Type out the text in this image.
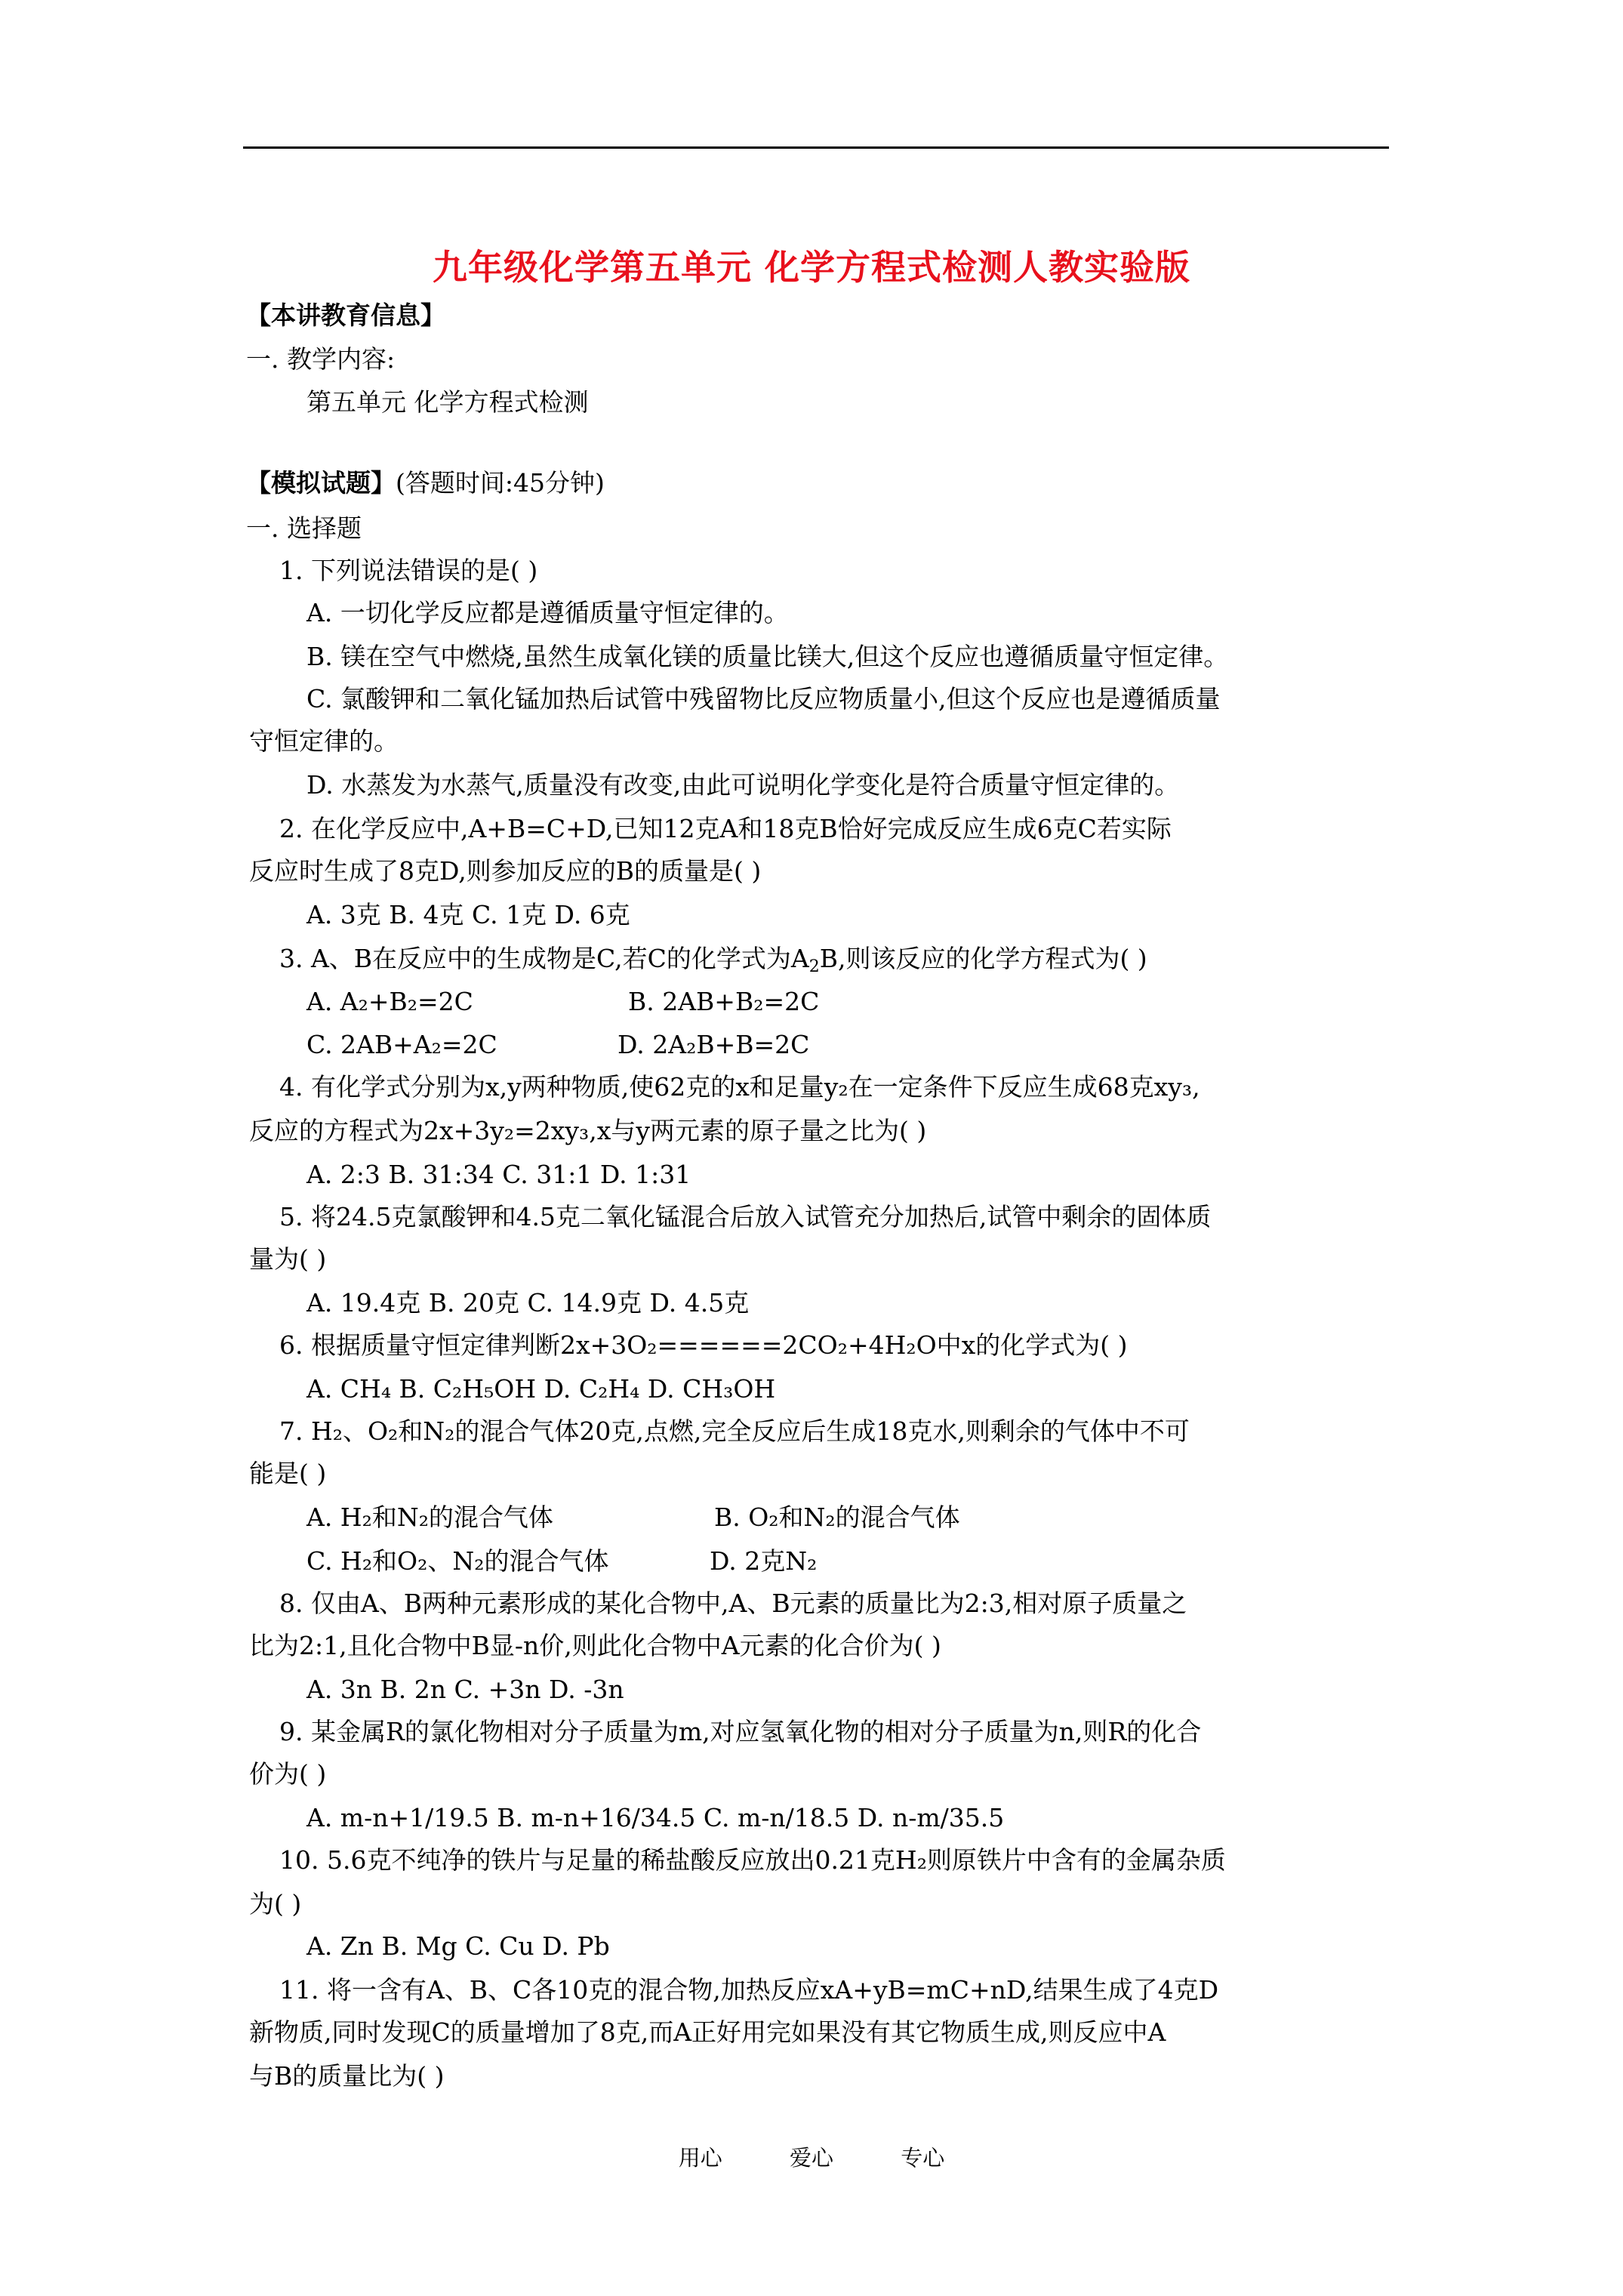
九年级化学第五单元 化学方程式检测人教实验版
【本讲教育信息】
一. 教学内容:
第五单元 化学方程式检测
【模拟试题】(答题时间:45分钟)
一. 选择题
1. 下列说法错误的是( )
A. 一切化学反应都是遵循质量守恒定律的。
B. 镁在空气中燃烧,虽然生成氧化镁的质量比镁大,但这个反应也遵循质量守恒定律。
C. 氯酸钾和二氧化锰加热后试管中残留物比反应物质量小,但这个反应也是遵循质量
守恒定律的。
D. 水蒸发为水蒸气,质量没有改变,由此可说明化学变化是符合质量守恒定律的。
2. 在化学反应中,A+B=C+D,已知12克A和18克B恰好完成反应生成6克C若实际
反应时生成了8克D,则参加反应的B的质量是( )
A. 3克 B. 4克 C. 1克 D. 6克
3. A、B在反应中的生成物是C,若C的化学式为$A_2B$,则该反应的化学方程式为( )
A. A₂+B₂=2C	B. 2AB+B₂=2C
C. 2AB+A₂=2C	D. 2A₂B+B=2C
4. 有化学式分别为x,y两种物质,使62克的x和足量y₂在一定条件下反应生成68克xy₃,
反应的方程式为2x+3y₂=2xy₃,x与y两元素的原子量之比为( )
A. 2:3 B. 31:34 C. 31:1 D. 1:31
5. 将24.5克氯酸钾和4.5克二氧化锰混合后放入试管充分加热后,试管中剩余的固体质
量为( )
A. 19.4克 B. 20克 C. 14.9克 D. 4.5克
6. 根据质量守恒定律判断2x+3O₂======2CO₂+4H₂O中x的化学式为( )
A. CH₄ B. C₂H₅OH D. C₂H₄ D. CH₃OH
7. H₂、O₂和N₂的混合气体20克,点燃,完全反应后生成18克水,则剩余的气体中不可
能是( )
A. H₂和N₂的混合气体	B. O₂和N₂的混合气体
C. H₂和O₂、N₂的混合气体	D. 2克N₂
8. 仅由A、B两种元素形成的某化合物中,A、B元素的质量比为2:3,相对原子质量之
比为2:1,且化合物中B显-n价,则此化合物中A元素的化合价为( )
A. 3n B. 2n C. +3n D. -3n
9. 某金属R的氯化物相对分子质量为m,对应氢氧化物的相对分子质量为n,则R的化合
价为( )
A. m-n+1/19.5 B. m-n+16/34.5 C. m-n/18.5 D. n-m/35.5
10. 5.6克不纯净的铁片与足量的稀盐酸反应放出0.21克H₂则原铁片中含有的金属杂质
为( )
A. Zn B. Mg C. Cu D. Pb
11. 将一含有A、B、C各10克的混合物,加热反应xA+yB=mC+nD,结果生成了4克D
新物质,同时发现C的质量增加了8克,而A正好用完如果没有其它物质生成,则反应中A
与B的质量比为( )
用心	爱心	专心
